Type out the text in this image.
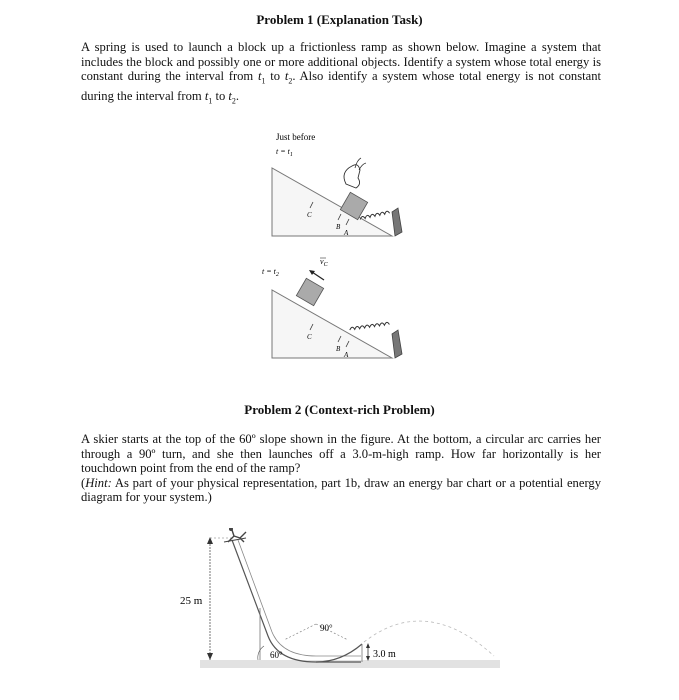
Problem 1 (Explanation Task)

A spring is used to launch a block up a frictionless ramp as shown below. Imagine a system that includes the block and possibly one or more additional objects. Identify a system whose total energy is constant during the interval from $t_1$ to $t_2$. Also identify a system whose total energy is not constant during the interval from $t_1$ to $t_2$.

Just before
$t = t_1$
C
B
A
$t = t_2$
$v_C$
C
B
A
Problem 2 (Context-rich Problem)

A skier starts at the top of the 60º slope shown in the figure. At the bottom, a circular arc carries her through a 90º turn, and she then launches off a 3.0-m-high ramp. How far horizontally is her touchdown point from the end of the ramp?

(Hint: As part of your physical representation, part 1b, draw an energy bar chart or a potential energy diagram for your system.)

25 m
60°
90°
3.0 m
